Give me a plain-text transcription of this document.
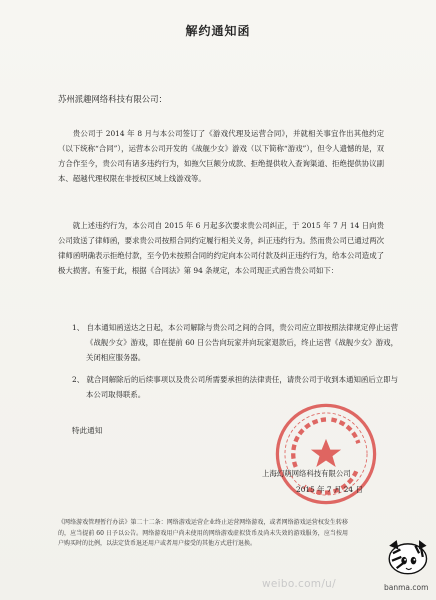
解约通知函
苏州派趣网络科技有限公司：
贵公司于 2014 年 8 月与本公司签订了《游戏代理及运营合同》，并就相关事宜作出其他约定（以下统称“合同”），运营本公司开发的《战舰少女》游戏（以下简称“游戏”），但令人遗憾的是，双方合作至今，贵公司有诸多违约行为，如拖欠巨额分成款、拒绝提供收入查询渠道、拒绝提供协议副本、超越代理权限在非授权区域上线游戏等。
就上述违约行为，本公司自 2015 年 6 月起多次要求贵公司纠正，于 2015 年 7 月 14 日向贵公司致送了律师函，要求贵公司按照合同约定履行相关义务，纠正违约行为。然而贵公司已通过两次律师函明确表示拒绝付款，至今仍未按照合同的约定向本公司付款及纠正违约行为，给本公司造成了极大损害。有鉴于此，根据《合同法》第 94 条规定，本公司现正式函告贵公司如下：
1、 自本通知函送达之日起，本公司解除与贵公司之间的合同，贵公司应立即按照法律规定停止运营《战舰少女》游戏，即在提前 60 日公告向玩家并向玩家退款后，终止运营《战舰少女》游戏，关闭相应服务器。
2、 就合同解除后的后续事项以及贵公司所需要承担的法律责任，请贵公司于收到本通知函后立即与本公司取得联系。
特此通知
上海幻萌网络科技有限公司
2015 年 7 月 24 日
《网络游戏管理暂行办法》第二十二条：网络游戏运营企业终止运营网络游戏，或者网络游戏运营权发生转移的，应当提前 60 日予以公告。网络游戏用户尚未使用的网络游戏虚拟货币及尚未失效的游戏服务，应当按用户购买时的比例，以法定货币退还用户或者用户接受的其他方式进行退换。
weibo.com/u/	banma.com
